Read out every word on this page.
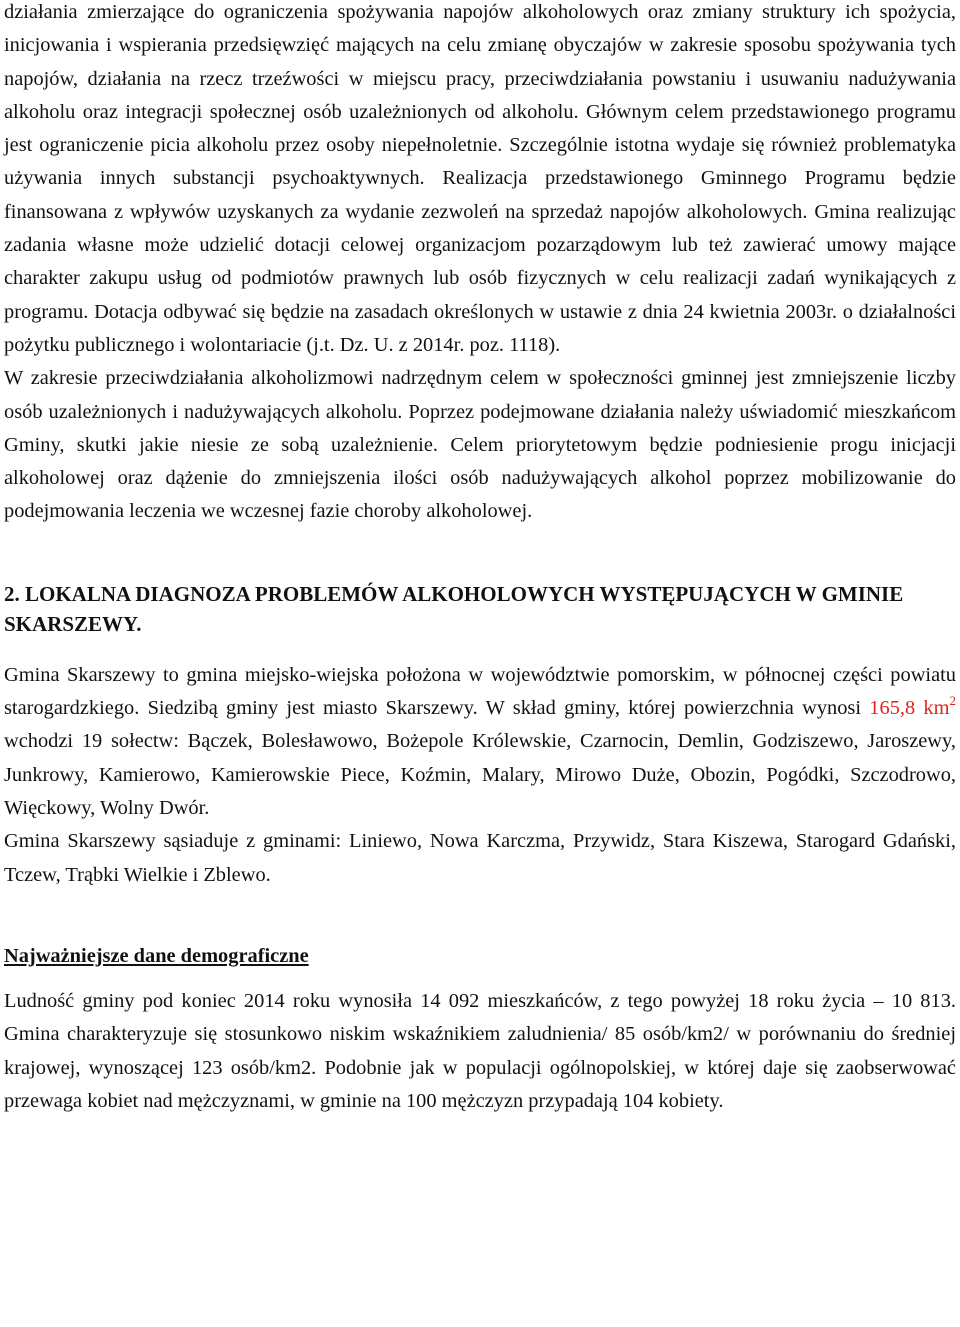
działania zmierzające do ograniczenia spożywania napojów alkoholowych oraz zmiany struktury ich spożycia, inicjowania i wspierania przedsięwzięć mających na celu zmianę obyczajów w zakresie sposobu spożywania tych napojów, działania na rzecz trzeźwości w miejscu pracy, przeciwdziałania powstaniu i usuwaniu nadużywania alkoholu oraz integracji społecznej osób uzależnionych od alkoholu. Głównym celem przedstawionego programu jest ograniczenie picia alkoholu przez osoby niepełnoletnie. Szczególnie istotna wydaje się również problematyka używania innych substancji psychoaktywnych. Realizacja przedstawionego Gminnego Programu będzie finansowana z wpływów uzyskanych za wydanie zezwoleń na sprzedaż napojów alkoholowych. Gmina realizując zadania własne może udzielić dotacji celowej organizacjom pozarządowym lub też zawierać umowy mające charakter zakupu usług od podmiotów prawnych lub osób fizycznych w celu realizacji zadań wynikających z programu. Dotacja odbywać się będzie na zasadach określonych w ustawie z dnia 24 kwietnia 2003r. o działalności pożytku publicznego i wolontariacie (j.t. Dz. U. z 2014r. poz. 1118).

W zakresie przeciwdziałania alkoholizmowi nadrzędnym celem w społeczności gminnej jest zmniejszenie liczby osób uzależnionych i nadużywających alkoholu. Poprzez podejmowane działania należy uświadomić mieszkańcom Gminy, skutki jakie niesie ze sobą uzależnienie. Celem priorytetowym będzie podniesienie progu inicjacji alkoholowej oraz dążenie do zmniejszenia ilości osób nadużywających alkohol poprzez mobilizowanie do podejmowania leczenia we wczesnej fazie choroby alkoholowej.

2. LOKALNA DIAGNOZA PROBLEMÓW ALKOHOLOWYCH WYSTĘPUJĄCYCH W GMINIE SKARSZEWY.

Gmina Skarszewy to gmina miejsko-wiejska położona w województwie pomorskim, w północnej części powiatu starogardzkiego. Siedzibą gminy jest miasto Skarszewy. W skład gminy, której powierzchnia wynosi 165,8 $km^2$ wchodzi 19 sołectw: Bączek, Bolesławowo, Bożepole Królewskie, Czarnocin, Demlin, Godziszewo, Jaroszewy, Junkrowy, Kamierowo, Kamierowskie Piece, Koźmin, Malary, Mirowo Duże, Obozin, Pogódki, Szczodrowo, Więckowy, Wolny Dwór.

Gmina Skarszewy sąsiaduje z gminami: Liniewo, Nowa Karczma, Przywidz, Stara Kiszewa, Starogard Gdański, Tczew, Trąbki Wielkie i Zblewo.

Najważniejsze dane demograficzne

Ludność gminy pod koniec 2014 roku wynosiła 14 092 mieszkańców, z tego powyżej 18 roku życia – 10 813. Gmina charakteryzuje się stosunkowo niskim wskaźnikiem zaludnienia/ 85 osób/km2/ w porównaniu do średniej krajowej, wynoszącej 123 osób/km2. Podobnie jak w populacji ogólnopolskiej, w której daje się zaobserwować przewaga kobiet nad mężczyznami, w gminie na 100 mężczyzn przypadają 104 kobiety.
